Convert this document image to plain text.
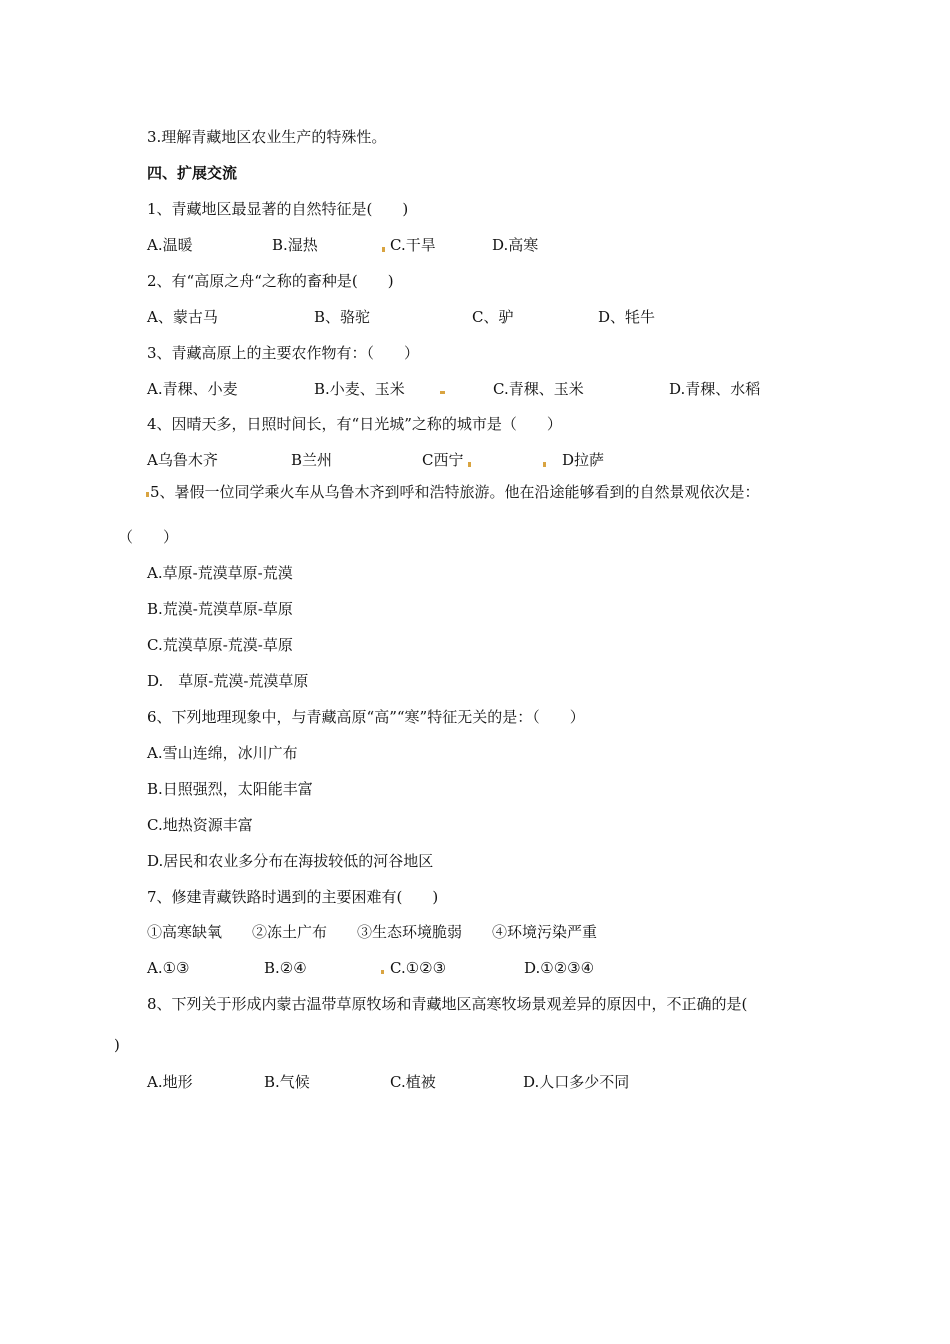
3.理解青藏地区农业生产的特殊性。
四、扩展交流
1、青藏地区最显著的自然特征是(　　)
A.温暖	B.湿热	C.干旱	D.高寒
2、有“高原之舟“之称的畜种是(　　)
A、蒙古马	B、骆驼	C、驴	D、牦牛
3、青藏高原上的主要农作物有：（　　）
A.青稞、小麦	B.小麦、玉米	C.青稞、玉米	D.青稞、水稻
4、因晴天多，日照时间长，有“日光城”之称的城市是（　　）
A乌鲁木齐	B兰州	C西宁	D拉萨
5、暑假一位同学乘火车从乌鲁木齐到呼和浩特旅游。他在沿途能够看到的自然景观依次是：
（　　）
A.草原-荒漠草原-荒漠
B.荒漠-荒漠草原-草原
C.荒漠草原-荒漠-草原
D.　草原-荒漠-荒漠草原
6、下列地理现象中，与青藏高原“高”“寒”特征无关的是：（　　）
A.雪山连绵，冰川广布
B.日照强烈，太阳能丰富
C.地热资源丰富
D.居民和农业多分布在海拔较低的河谷地区
7、修建青藏铁路时遇到的主要困难有(　　)
①高寒缺氧　　②冻土广布　　③生态环境脆弱　　④环境污染严重
A.①③	B.②④	C.①②③	D.①②③④
8、下列关于形成内蒙古温带草原牧场和青藏地区高寒牧场景观差异的原因中，不正确的是(
)
A.地形	B.气候	C.植被	D.人口多少不同
